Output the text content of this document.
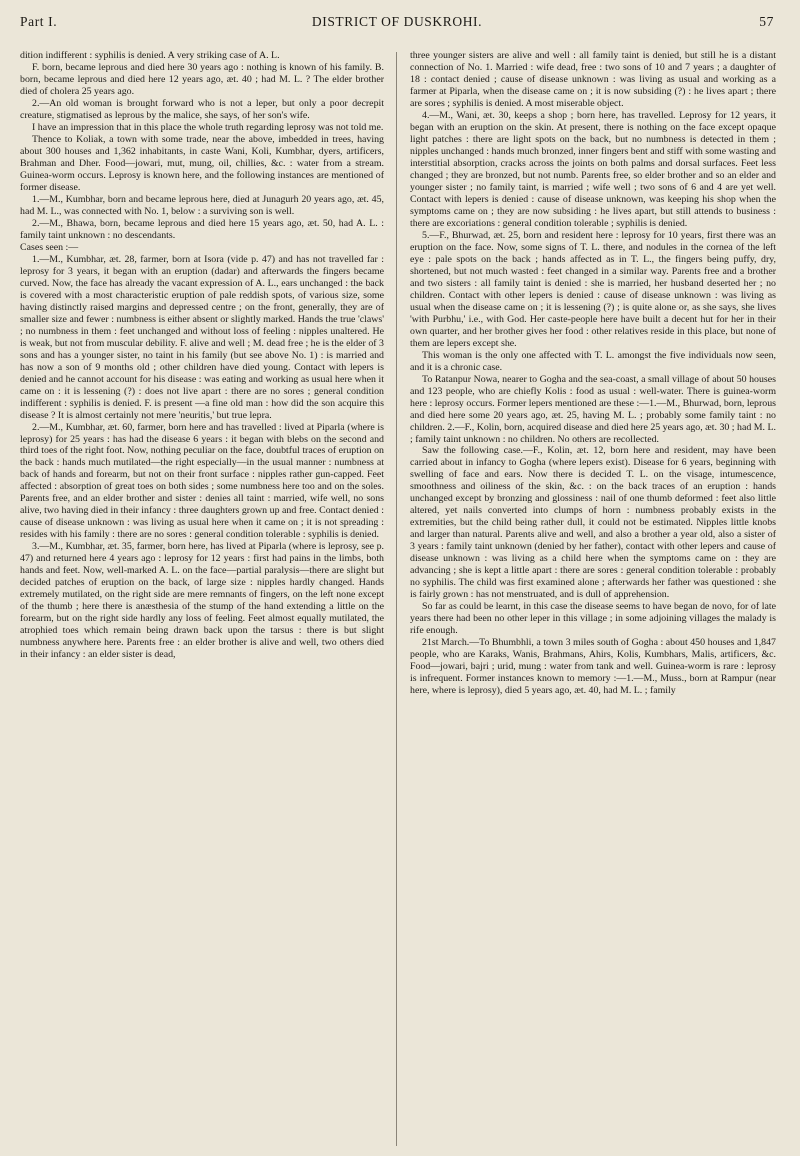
Part I.	DISTRICT OF DUSKROHI.	57

dition indifferent : syphilis is denied. A very striking case of A. L.

F. born, became leprous and died here 30 years ago : nothing is known of his family. B. born, became leprous and died here 12 years ago, æt. 40 ; had M. L. ? The elder brother died of cholera 25 years ago.

2.—An old woman is brought forward who is not a leper, but only a poor decrepit creature, stigmatised as leprous by the malice, she says, of her son's wife.

I have an impression that in this place the whole truth regarding leprosy was not told me.

Thence to Koliak, a town with some trade, near the above, imbedded in trees, having about 300 houses and 1,362 inhabitants, in caste Wani, Koli, Kumbhar, dyers, artificers, Brahman and Dher. Food—jowari, mut, mung, oil, chillies, &c. : water from a stream. Guinea-worm occurs. Leprosy is known here, and the following instances are mentioned of former disease.

1.—M., Kumbhar, born and became leprous here, died at Junagurh 20 years ago, æt. 45, had M. L., was connected with No. 1, below : a surviving son is well.

2.—M., Bhawa, born, became leprous and died here 15 years ago, æt. 50, had A. L. : family taint unknown : no descendants.

Cases seen :—

1.—M., Kumbhar, æt. 28, farmer, born at Isora (vide p. 47) and has not travelled far : leprosy for 3 years, it began with an eruption (dadar) and afterwards the fingers became curved. Now, the face has already the vacant expression of A. L., ears unchanged : the back is covered with a most characteristic eruption of pale reddish spots, of various size, some having distinctly raised margins and depressed centre ; on the front, generally, they are of smaller size and fewer : numbness is either absent or slightly marked. Hands the true 'claws' ; no numbness in them : feet unchanged and without loss of feeling : nipples unaltered. He is weak, but not from muscular debility. F. alive and well ; M. dead free ; he is the elder of 3 sons and has a younger sister, no taint in his family (but see above No. 1) : is married and has now a son of 9 months old ; other children have died young. Contact with lepers is denied and he cannot account for his disease : was eating and working as usual here when it came on : it is lessening (?) : does not live apart : there are no sores ; general condition indifferent : syphilis is denied. F. is present —a fine old man : how did the son acquire this disease ? It is almost certainly not mere 'neuritis,' but true lepra.

2.—M., Kumbhar, æt. 60, farmer, born here and has travelled : lived at Piparla (where is leprosy) for 25 years : has had the disease 6 years : it began with blebs on the second and third toes of the right foot. Now, nothing peculiar on the face, doubtful traces of eruption on the back : hands much mutilated—the right especially—in the usual manner : numbness at back of hands and forearm, but not on their front surface : nipples rather gun-capped. Feet affected : absorption of great toes on both sides ; some numbness here too and on the soles. Parents free, and an elder brother and sister : denies all taint : married, wife well, no sons alive, two having died in their infancy : three daughters grown up and free. Contact denied : cause of disease unknown : was living as usual here when it came on ; it is not spreading : resides with his family : there are no sores : general condition tolerable : syphilis is denied.

3.—M., Kumbhar, æt. 35, farmer, born here, has lived at Piparla (where is leprosy, see p. 47) and returned here 4 years ago : leprosy for 12 years : first had pains in the limbs, both hands and feet. Now, well-marked A. L. on the face—partial paralysis—there are slight but decided patches of eruption on the back, of large size : nipples hardly changed. Hands extremely mutilated, on the right side are mere remnants of fingers, on the left none except of the thumb ; here there is anæsthesia of the stump of the hand extending a little on the forearm, but on the right side hardly any loss of feeling. Feet almost equally mutilated, the atrophied toes which remain being drawn back upon the tarsus : there is but slight numbness anywhere here. Parents free : an elder brother is alive and well, two others died in their infancy : an elder sister is dead,

three younger sisters are alive and well : all family taint is denied, but still he is a distant connection of No. 1. Married : wife dead, free : two sons of 10 and 7 years ; a daughter of 18 : contact denied ; cause of disease unknown : was living as usual and working as a farmer at Piparla, when the disease came on ; it is now subsiding (?) : he lives apart ; there are sores ; syphilis is denied. A most miserable object.

4.—M., Wani, æt. 30, keeps a shop ; born here, has travelled. Leprosy for 12 years, it began with an eruption on the skin. At present, there is nothing on the face except opaque light patches : there are light spots on the back, but no numbness is detected in them ; nipples unchanged : hands much bronzed, inner fingers bent and stiff with some wasting and interstitial absorption, cracks across the joints on both palms and dorsal surfaces. Feet less changed ; they are bronzed, but not numb. Parents free, so elder brother and so an elder and younger sister ; no family taint, is married ; wife well ; two sons of 6 and 4 are yet well. Contact with lepers is denied : cause of disease unknown, was keeping his shop when the symptoms came on ; they are now subsiding : he lives apart, but still attends to business : there are excoriations : general condition tolerable ; syphilis is denied.

5.—F., Bhurwad, æt. 25, born and resident here : leprosy for 10 years, first there was an eruption on the face. Now, some signs of T. L. there, and nodules in the cornea of the left eye : pale spots on the back ; hands affected as in T. L., the fingers being puffy, dry, shortened, but not much wasted : feet changed in a similar way. Parents free and a brother and two sisters : all family taint is denied : she is married, her husband deserted her ; no children. Contact with other lepers is denied : cause of disease unknown : was living as usual when the disease came on ; it is lessening (?) ; is quite alone or, as she says, she lives 'with Purbhu,' i.e., with God. Her caste-people here have built a decent hut for her in their own quarter, and her brother gives her food : other relatives reside in this place, but none of them are lepers except she.

This woman is the only one affected with T. L. amongst the five individuals now seen, and it is a chronic case.

To Ratanpur Nowa, nearer to Gogha and the sea-coast, a small village of about 50 houses and 123 people, who are chiefly Kolis : food as usual : well-water. There is guinea-worm here : leprosy occurs. Former lepers mentioned are these :—1.—M., Bhurwad, born, leprous and died here some 20 years ago, æt. 25, having M. L. ; probably some family taint : no children. 2.—F., Kolin, born, acquired disease and died here 25 years ago, æt. 30 ; had M. L. ; family taint unknown : no children. No others are recollected.

Saw the following case.—F., Kolin, æt. 12, born here and resident, may have been carried about in infancy to Gogha (where lepers exist). Disease for 6 years, beginning with swelling of face and ears. Now there is decided T. L. on the visage, intumescence, smoothness and oiliness of the skin, &c. : on the back traces of an eruption : hands unchanged except by bronzing and glossiness : nail of one thumb deformed : feet also little altered, yet nails converted into clumps of horn : numbness probably exists in the extremities, but the child being rather dull, it could not be estimated. Nipples little knobs and larger than natural. Parents alive and well, and also a brother a year old, also a sister of 3 years : family taint unknown (denied by her father), contact with other lepers and cause of disease unknown : was living as a child here when the symptoms came on : they are advancing ; she is kept a little apart : there are sores : general condition tolerable : probably no syphilis. The child was first examined alone ; afterwards her father was questioned : she is fairly grown : has not menstruated, and is dull of apprehension.

So far as could be learnt, in this case the disease seems to have began de novo, for of late years there had been no other leper in this village ; in some adjoining villages the malady is rife enough.

21st March.—To Bhumbhli, a town 3 miles south of Gogha : about 450 houses and 1,847 people, who are Karaks, Wanis, Brahmans, Ahirs, Kolis, Kumbhars, Malis, artificers, &c. Food—jowari, bajri ; urid, mung : water from tank and well. Guinea-worm is rare : leprosy is infrequent. Former instances known to memory :—1.—M., Muss., born at Rampur (near here, where is leprosy), died 5 years ago, æt. 40, had M. L. ; family
